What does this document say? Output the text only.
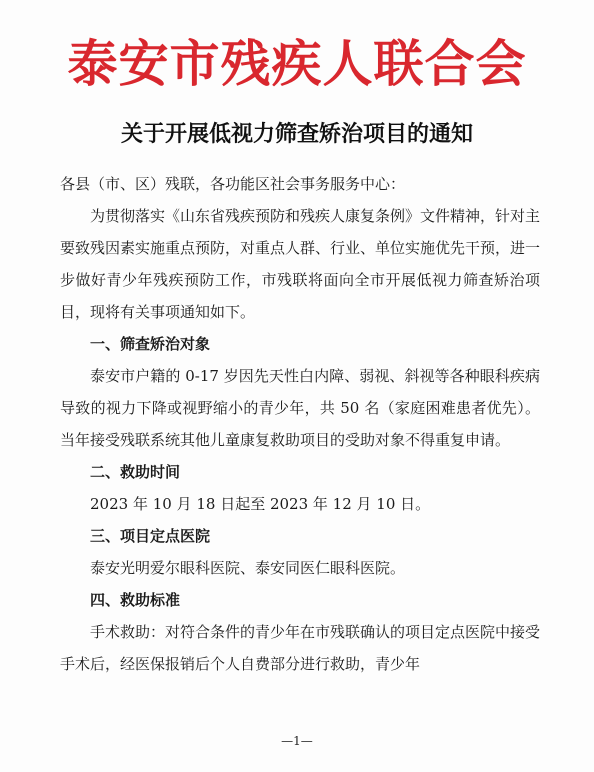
泰安市残疾人联合会
关于开展低视力筛查矫治项目的通知

各县（市、区）残联，各功能区社会事务服务中心：

为贯彻落实《山东省残疾预防和残疾人康复条例》文件精神，针对主要致残因素实施重点预防，对重点人群、行业、单位实施优先干预，进一步做好青少年残疾预防工作，市残联将面向全市开展低视力筛查矫治项目，现将有关事项通知如下。

一、筛查矫治对象

泰安市户籍的 0-17 岁因先天性白内障、弱视、斜视等各种眼科疾病导致的视力下降或视野缩小的青少年，共 50 名（家庭困难患者优先）。当年接受残联系统其他儿童康复救助项目的受助对象不得重复申请。

二、救助时间

2023 年 10 月 18 日起至 2023 年 12 月 10 日。

三、项目定点医院

泰安光明爱尔眼科医院、泰安同医仁眼科医院。

四、救助标准

手术救助：对符合条件的青少年在市残联确认的项目定点医院中接受手术后，经医保报销后个人自费部分进行救助，青少年

—1—
